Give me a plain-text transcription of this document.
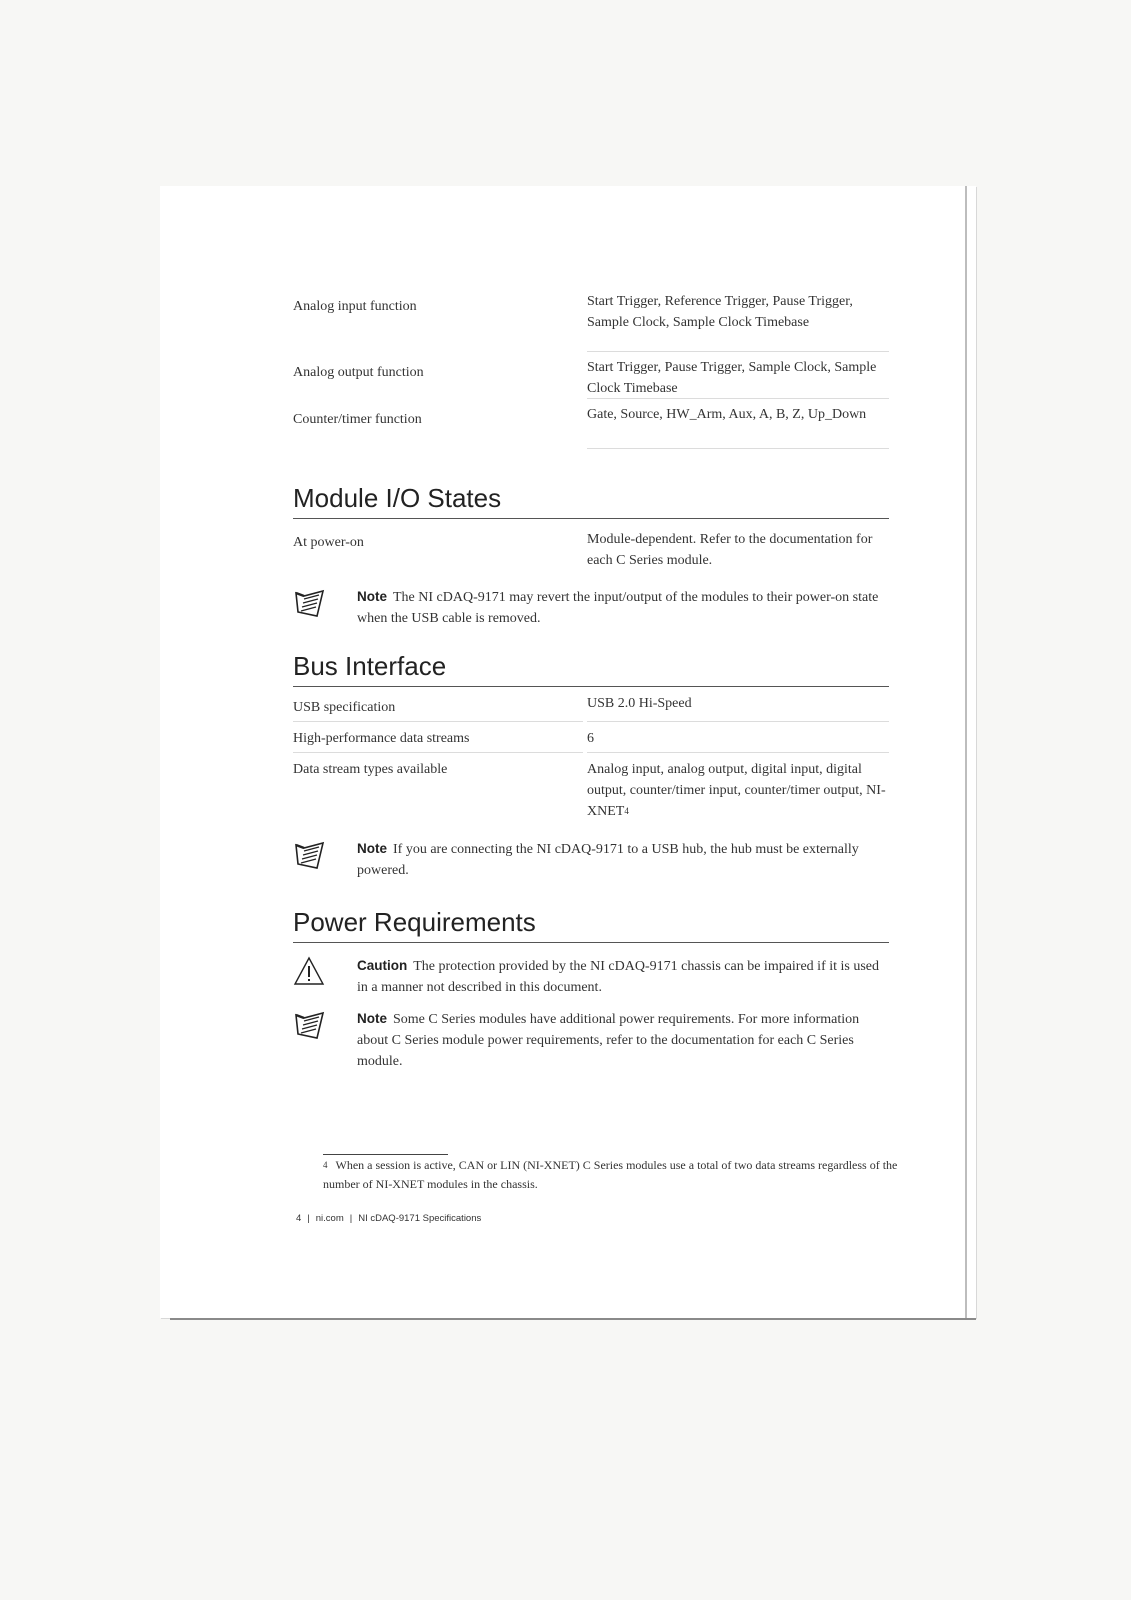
Analog input function	Start Trigger, Reference Trigger, Pause Trigger, Sample Clock, Sample Clock Timebase
Analog output function	Start Trigger, Pause Trigger, Sample Clock, Sample Clock Timebase
Counter/timer function	Gate, Source, HW_Arm, Aux, A, B, Z, Up_Down
Module I/O States
At power-on	Module-dependent. Refer to the documentation for each C Series module.
Note The NI cDAQ-9171 may revert the input/output of the modules to their power-on state when the USB cable is removed.
Bus Interface
USB specification	USB 2.0 Hi-Speed
High-performance data streams	6
Data stream types available	Analog input, analog output, digital input, digital output, counter/timer input, counter/timer output, NI-XNET$^4$
Note If you are connecting the NI cDAQ-9171 to a USB hub, the hub must be externally powered.
Power Requirements
Caution The protection provided by the NI cDAQ-9171 chassis can be impaired if it is used in a manner not described in this document.
Note Some C Series modules have additional power requirements. For more information about C Series module power requirements, refer to the documentation for each C Series module.
$^4$ When a session is active, CAN or LIN (NI-XNET) C Series modules use a total of two data streams regardless of the number of NI-XNET modules in the chassis.
4 | ni.com | NI cDAQ-9171 Specifications
